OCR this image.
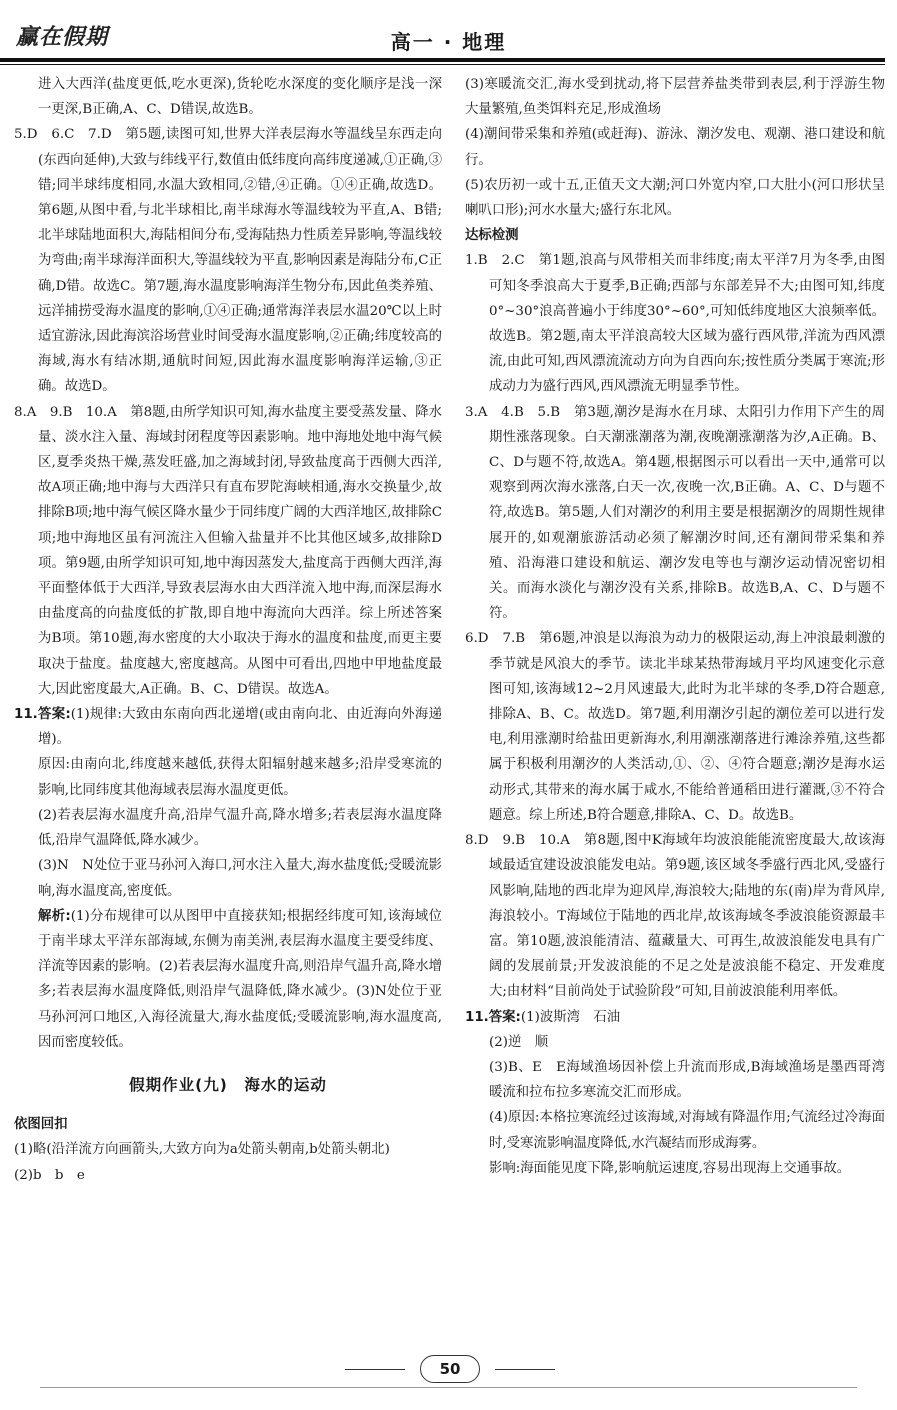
赢在假期	高一 · 地理

进入大西洋(盐度更低,吃水更深),货轮吃水深度的变化顺序是浅一深一更深,B正确,A、C、D错误,故选B。

5.D　6.C　7.D　第5题,读图可知,世界大洋表层海水等温线呈东西走向(东西向延伸),大致与纬线平行,数值由低纬度向高纬度递减,①正确,③错;同半球纬度相同,水温大致相同,②错,④正确。①④正确,故选D。第6题,从图中看,与北半球相比,南半球海水等温线较为平直,A、B错;北半球陆地面积大,海陆相间分布,受海陆热力性质差异影响,等温线较为弯曲;南半球海洋面积大,等温线较为平直,影响因素是海陆分布,C正确,D错。故选C。第7题,海水温度影响海洋生物分布,因此鱼类养殖、远洋捕捞受海水温度的影响,①④正确;通常海洋表层水温20℃以上时适宜游泳,因此海滨浴场营业时间受海水温度影响,②正确;纬度较高的海域,海水有结冰期,通航时间短,因此海水温度影响海洋运输,③正确。故选D。

8.A　9.B　10.A　第8题,由所学知识可知,海水盐度主要受蒸发量、降水量、淡水注入量、海域封闭程度等因素影响。地中海地处地中海气候区,夏季炎热干燥,蒸发旺盛,加之海域封闭,导致盐度高于西侧大西洋,故A项正确;地中海与大西洋只有直布罗陀海峡相通,海水交换量少,故排除B项;地中海气候区降水量少于同纬度广阔的大西洋地区,故排除C项;地中海地区虽有河流注入但输入盐量并不比其他区域多,故排除D项。第9题,由所学知识可知,地中海因蒸发大,盐度高于西侧大西洋,海平面整体低于大西洋,导致表层海水由大西洋流入地中海,而深层海水由盐度高的向盐度低的扩散,即自地中海流向大西洋。综上所述答案为B项。第10题,海水密度的大小取决于海水的温度和盐度,而更主要取决于盐度。盐度越大,密度越高。从图中可看出,四地中甲地盐度最大,因此密度最大,A正确。B、C、D错误。故选A。

11.答案:(1)规律:大致由东南向西北递增(或由南向北、由近海向外海递增)。

原因:由南向北,纬度越来越低,获得太阳辐射越来越多;沿岸受寒流的影响,比同纬度其他海域表层海水温度更低。

(2)若表层海水温度升高,沿岸气温升高,降水增多;若表层海水温度降低,沿岸气温降低,降水减少。

(3)N　N处位于亚马孙河入海口,河水注入量大,海水盐度低;受暖流影响,海水温度高,密度低。

解析:(1)分布规律可以从图甲中直接获知;根据经纬度可知,该海域位于南半球太平洋东部海域,东侧为南美洲,表层海水温度主要受纬度、洋流等因素的影响。(2)若表层海水温度升高,则沿岸气温升高,降水增多;若表层海水温度降低,则沿岸气温降低,降水减少。(3)N处位于亚马孙河河口地区,入海径流量大,海水盐度低;受暖流影响,海水温度高,因而密度较低。

假期作业(九)　海水的运动

依图回扣

(1)略(沿洋流方向画箭头,大致方向为a处箭头朝南,b处箭头朝北)

(2)b　b　e

(3)寒暖流交汇,海水受到扰动,将下层营养盐类带到表层,利于浮游生物大量繁殖,鱼类饵料充足,形成渔场

(4)潮间带采集和养殖(或赶海)、游泳、潮汐发电、观潮、港口建设和航行。

(5)农历初一或十五,正值天文大潮;河口外宽内窄,口大肚小(河口形状呈喇叭口形);河水水量大;盛行东北风。

达标检测

1.B　2.C　第1题,浪高与风带相关而非纬度;南太平洋7月为冬季,由图可知冬季浪高大于夏季,B正确;西部与东部差异不大;由图可知,纬度0°~30°浪高普遍小于纬度30°~60°,可知低纬度地区大浪频率低。故选B。第2题,南太平洋浪高较大区域为盛行西风带,洋流为西风漂流,由此可知,西风漂流流动方向为自西向东;按性质分类属于寒流;形成动力为盛行西风,西风漂流无明显季节性。

3.A　4.B　5.B　第3题,潮汐是海水在月球、太阳引力作用下产生的周期性涨落现象。白天潮涨潮落为潮,夜晚潮涨潮落为汐,A正确。B、C、D与题不符,故选A。第4题,根据图示可以看出一天中,通常可以观察到两次海水涨落,白天一次,夜晚一次,B正确。A、C、D与题不符,故选B。第5题,人们对潮汐的利用主要是根据潮汐的周期性规律展开的,如观潮旅游活动必须了解潮汐时间,还有潮间带采集和养殖、沿海港口建设和航运、潮汐发电等也与潮汐运动情况密切相关。而海水淡化与潮汐没有关系,排除B。故选B,A、C、D与题不符。

6.D　7.B　第6题,冲浪是以海浪为动力的极限运动,海上冲浪最刺激的季节就是风浪大的季节。读北半球某热带海域月平均风速变化示意图可知,该海域12~2月风速最大,此时为北半球的冬季,D符合题意,排除A、B、C。故选D。第7题,利用潮汐引起的潮位差可以进行发电,利用涨潮时给盐田更新海水,利用潮涨潮落进行滩涂养殖,这些都属于积极利用潮汐的人类活动,①、②、④符合题意;潮汐是海水运动形式,其带来的海水属于咸水,不能给普通稻田进行灌溉,③不符合题意。综上所述,B符合题意,排除A、C、D。故选B。

8.D　9.B　10.A　第8题,图中K海域年均波浪能能流密度最大,故该海域最适宜建设波浪能发电站。第9题,该区域冬季盛行西北风,受盛行风影响,陆地的西北岸为迎风岸,海浪较大;陆地的东(南)岸为背风岸,海浪较小。T海域位于陆地的西北岸,故该海域冬季波浪能资源最丰富。第10题,波浪能清洁、蕴藏量大、可再生,故波浪能发电具有广阔的发展前景;开发波浪能的不足之处是波浪能不稳定、开发难度大;由材料“目前尚处于试验阶段”可知,目前波浪能利用率低。

11.答案:(1)波斯湾　石油

(2)逆　顺

(3)B、E　E海域渔场因补偿上升流而形成,B海域渔场是墨西哥湾暖流和拉布拉多寒流交汇而形成。

(4)原因:本格拉寒流经过该海域,对海域有降温作用;气流经过冷海面时,受寒流影响温度降低,水汽凝结而形成海雾。

影响:海面能见度下降,影响航运速度,容易出现海上交通事故。

50
